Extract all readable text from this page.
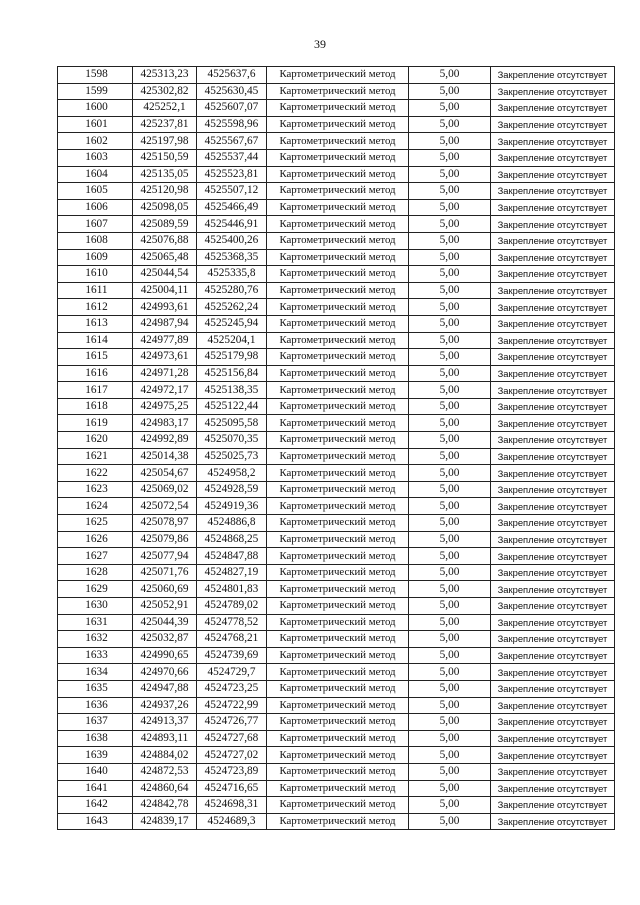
39
1598	425313,23	4525637,6	Картометрический метод	5,00	Закрепление отсутствует
1599	425302,82	4525630,45	Картометрический метод	5,00	Закрепление отсутствует
1600	425252,1	4525607,07	Картометрический метод	5,00	Закрепление отсутствует
1601	425237,81	4525598,96	Картометрический метод	5,00	Закрепление отсутствует
1602	425197,98	4525567,67	Картометрический метод	5,00	Закрепление отсутствует
1603	425150,59	4525537,44	Картометрический метод	5,00	Закрепление отсутствует
1604	425135,05	4525523,81	Картометрический метод	5,00	Закрепление отсутствует
1605	425120,98	4525507,12	Картометрический метод	5,00	Закрепление отсутствует
1606	425098,05	4525466,49	Картометрический метод	5,00	Закрепление отсутствует
1607	425089,59	4525446,91	Картометрический метод	5,00	Закрепление отсутствует
1608	425076,88	4525400,26	Картометрический метод	5,00	Закрепление отсутствует
1609	425065,48	4525368,35	Картометрический метод	5,00	Закрепление отсутствует
1610	425044,54	4525335,8	Картометрический метод	5,00	Закрепление отсутствует
1611	425004,11	4525280,76	Картометрический метод	5,00	Закрепление отсутствует
1612	424993,61	4525262,24	Картометрический метод	5,00	Закрепление отсутствует
1613	424987,94	4525245,94	Картометрический метод	5,00	Закрепление отсутствует
1614	424977,89	4525204,1	Картометрический метод	5,00	Закрепление отсутствует
1615	424973,61	4525179,98	Картометрический метод	5,00	Закрепление отсутствует
1616	424971,28	4525156,84	Картометрический метод	5,00	Закрепление отсутствует
1617	424972,17	4525138,35	Картометрический метод	5,00	Закрепление отсутствует
1618	424975,25	4525122,44	Картометрический метод	5,00	Закрепление отсутствует
1619	424983,17	4525095,58	Картометрический метод	5,00	Закрепление отсутствует
1620	424992,89	4525070,35	Картометрический метод	5,00	Закрепление отсутствует
1621	425014,38	4525025,73	Картометрический метод	5,00	Закрепление отсутствует
1622	425054,67	4524958,2	Картометрический метод	5,00	Закрепление отсутствует
1623	425069,02	4524928,59	Картометрический метод	5,00	Закрепление отсутствует
1624	425072,54	4524919,36	Картометрический метод	5,00	Закрепление отсутствует
1625	425078,97	4524886,8	Картометрический метод	5,00	Закрепление отсутствует
1626	425079,86	4524868,25	Картометрический метод	5,00	Закрепление отсутствует
1627	425077,94	4524847,88	Картометрический метод	5,00	Закрепление отсутствует
1628	425071,76	4524827,19	Картометрический метод	5,00	Закрепление отсутствует
1629	425060,69	4524801,83	Картометрический метод	5,00	Закрепление отсутствует
1630	425052,91	4524789,02	Картометрический метод	5,00	Закрепление отсутствует
1631	425044,39	4524778,52	Картометрический метод	5,00	Закрепление отсутствует
1632	425032,87	4524768,21	Картометрический метод	5,00	Закрепление отсутствует
1633	424990,65	4524739,69	Картометрический метод	5,00	Закрепление отсутствует
1634	424970,66	4524729,7	Картометрический метод	5,00	Закрепление отсутствует
1635	424947,88	4524723,25	Картометрический метод	5,00	Закрепление отсутствует
1636	424937,26	4524722,99	Картометрический метод	5,00	Закрепление отсутствует
1637	424913,37	4524726,77	Картометрический метод	5,00	Закрепление отсутствует
1638	424893,11	4524727,68	Картометрический метод	5,00	Закрепление отсутствует
1639	424884,02	4524727,02	Картометрический метод	5,00	Закрепление отсутствует
1640	424872,53	4524723,89	Картометрический метод	5,00	Закрепление отсутствует
1641	424860,64	4524716,65	Картометрический метод	5,00	Закрепление отсутствует
1642	424842,78	4524698,31	Картометрический метод	5,00	Закрепление отсутствует
1643	424839,17	4524689,3	Картометрический метод	5,00	Закрепление отсутствует
